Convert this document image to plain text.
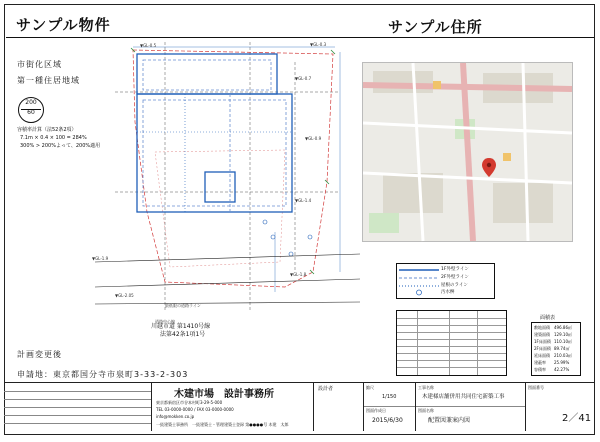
サンプル物件	サンプル住所
市街化区域
第一種住居地域
200
60
容積率計算（法52条2項）
7.1m × 0.4 × 100 = 284%
300% > 200%よって、200%適用
▼GL-0.5	▼GL-0.3
▼GL-0.7
▼GL-0.9
▼GL-1.4
▼GL-1.8
▼GL-1.9
▼GL-2.05
最低限の道路ライン
道路中心線
川越市道 第1410号線
法第42条1項1号
計画変更後
申請地：東京都国分寺市泉町3-33-2-303
1F外壁ライン
2F外壁ライン
屋根のライン
汚水桝
面積表
敷地面積 496.86㎡
建築面積 129.10㎡
1F床面積 110.10㎡
2F床面積 89.74㎡
延床面積 210.03㎡
建蔽率 25.99%
容積率 42.27%
木建市場　設計事務所
東京都新宿区市谷本村町3-29-5-000
TEL 03-0000-0000 / FAX 03-0000-0000
info@mokken.co.jp
一級建築士事務所　一級建築士・管理建築士登録 第●●●●号 木建　太郎
設計者	縮尺
1/150
図面作成日
2015/6/30
工事名称
木建様店舗併用共同住宅新築工事
図面名称
配置図兼案内図
図面番号
2／41
